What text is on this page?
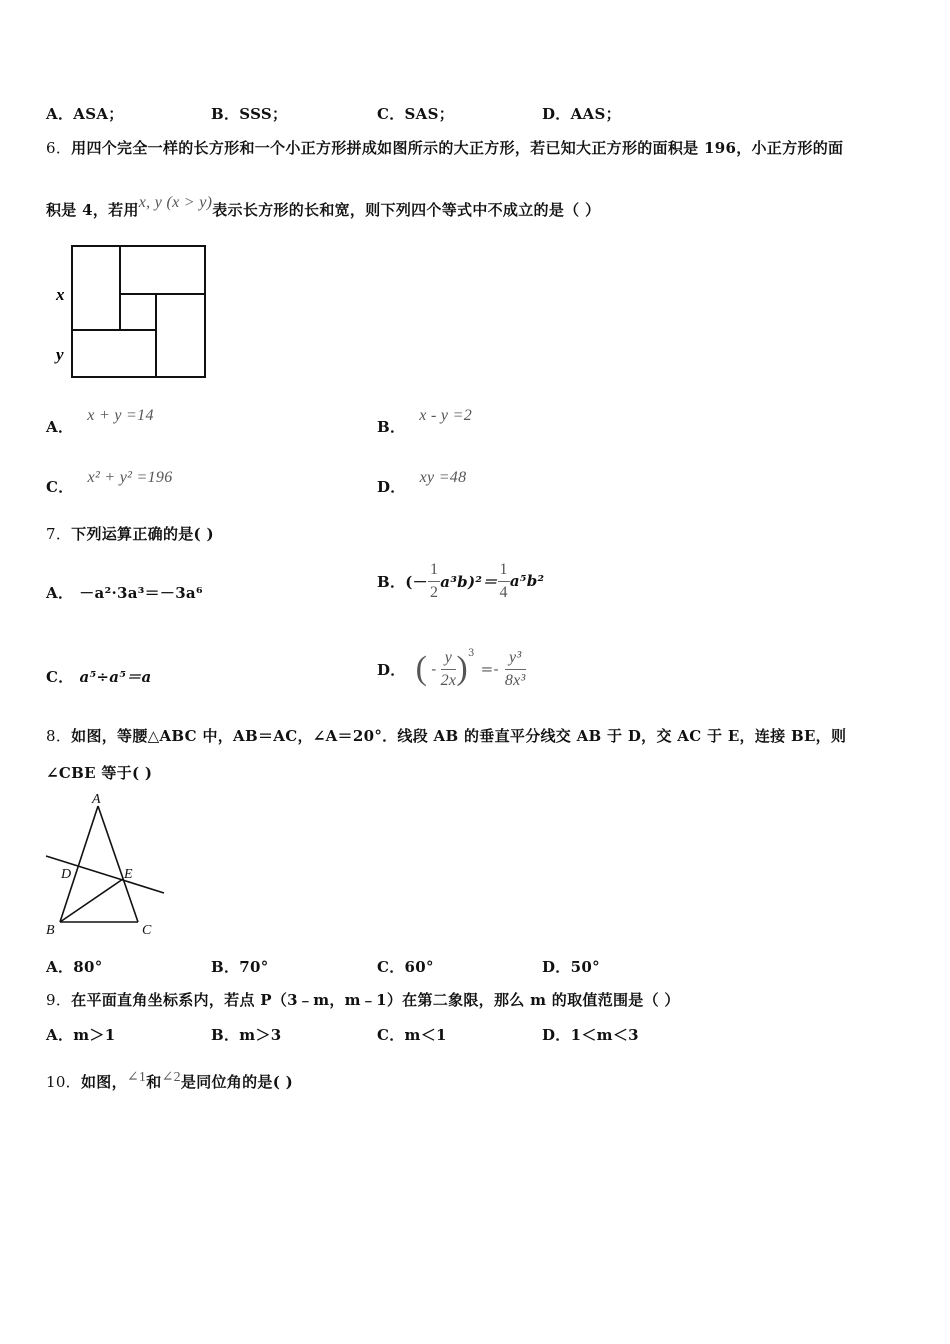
A．ASA；	B．SSS；	C．SAS；	D．AAS；
6．用四个完全一样的长方形和一个小正方形拼成如图所示的大正方形，若已知大正方形的面积是 196，小正方形的面
积是 4，若用x, y (x > y)表示长方形的长和宽，则下列四个等式中不成立的是（ ）
x
y
A．x + y =14
B．x - y =2
C．x² + y² =196
D．xy =48
7．下列运算正确的是( )
A． －a²·3a³＝－3a⁶
B． (－ $\frac{1}{2} a^3b)^2= \frac{1}{4} a^5b^2$
C． a⁵÷a⁵＝a	D． ( - $\frac{y}{2x}$ ) 3
=- $\frac{\text{y³}}{\text{8x³}}$
8．如图，等腰△ABC 中，AB＝AC，∠A＝20°．线段 AB 的垂直平分线交 AB 于 D，交 AC 于 E，连接 BE，则
∠CBE 等于( )
A
B	C
D	E
A．80°	B．70°	C．60°	D．50°
9．在平面直角坐标系内，若点 P（3﹣m，m﹣1）在第二象限，那么 m 的取值范围是（ ）
A．m＞1	B．m＞3	C．m＜1	D．1＜m＜3
10．如图，∠1和∠2是同位角的是( )
